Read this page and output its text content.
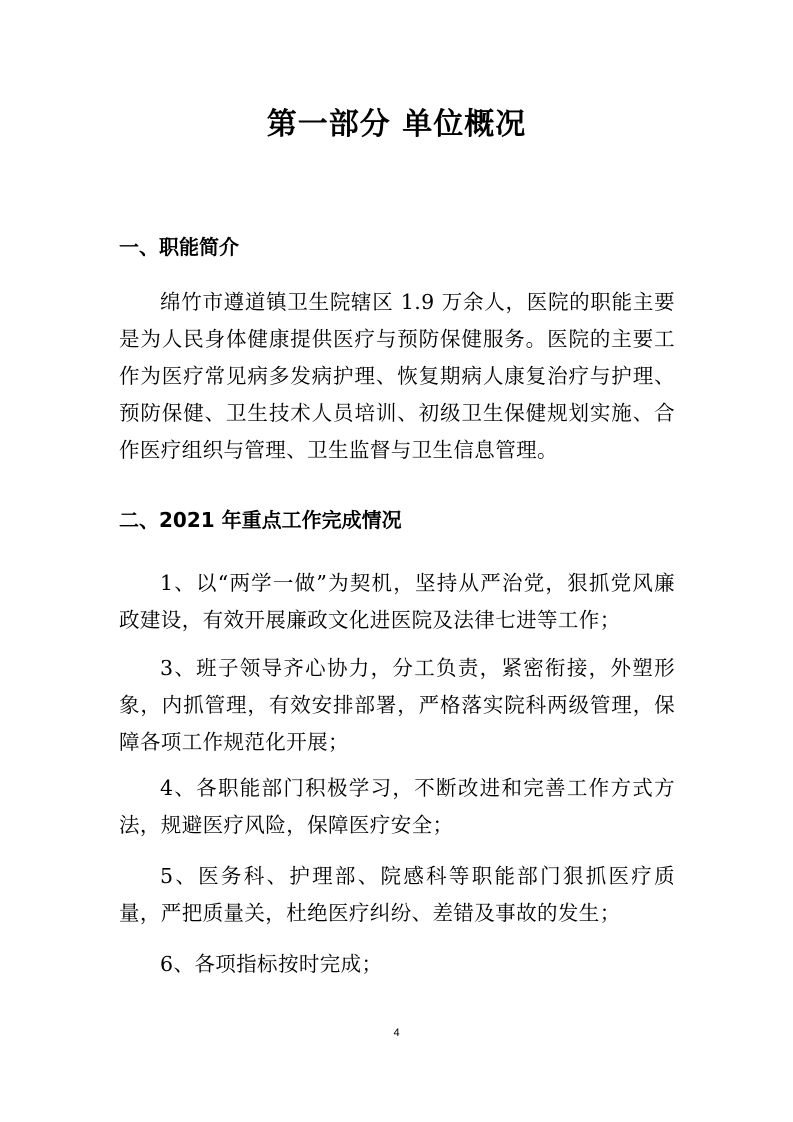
第一部分 单位概况
一、职能简介

绵竹市遵道镇卫生院辖区 1.9 万余人，医院的职能主要是为人民身体健康提供医疗与预防保健服务。医院的主要工作为医疗常见病多发病护理、恢复期病人康复治疗与护理、预防保健、卫生技术人员培训、初级卫生保健规划实施、合作医疗组织与管理、卫生监督与卫生信息管理。

二、2021 年重点工作完成情况

1、以“两学一做”为契机，坚持从严治党，狠抓党风廉政建设，有效开展廉政文化进医院及法律七进等工作；

3、班子领导齐心协力，分工负责，紧密衔接，外塑形象，内抓管理，有效安排部署，严格落实院科两级管理，保障各项工作规范化开展；

4、各职能部门积极学习，不断改进和完善工作方式方法，规避医疗风险，保障医疗安全；

5、医务科、护理部、院感科等职能部门狠抓医疗质量，严把质量关，杜绝医疗纠纷、差错及事故的发生；

6、各项指标按时完成；

4
